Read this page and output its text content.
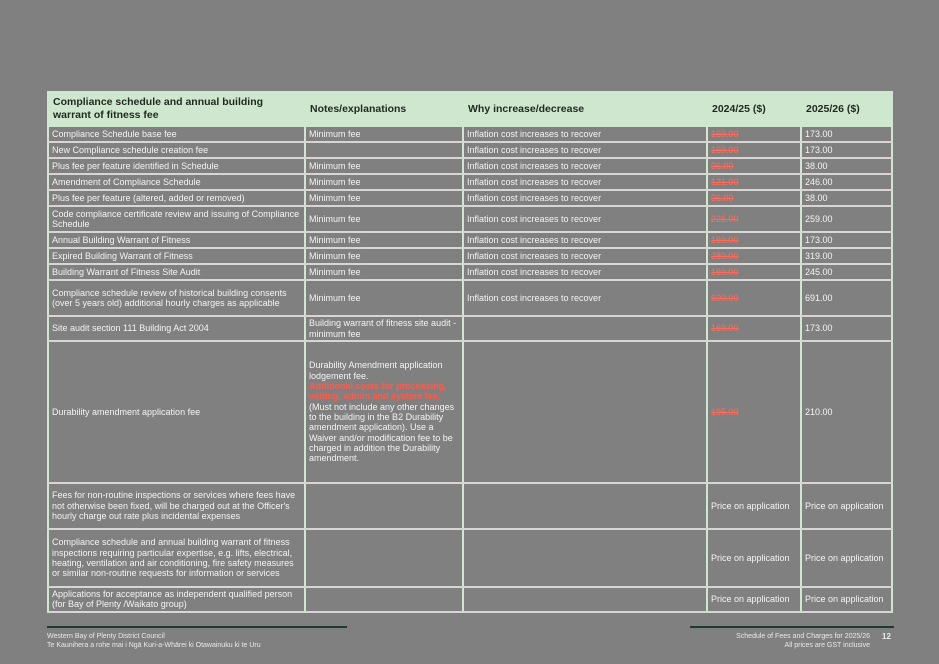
Compliance schedule and annual building warrant of fitness fee	Notes/explanations	Why increase/decrease	2024/25 ($)	2025/26 ($)
Compliance Schedule base fee	Minimum fee	Inflation cost increases to recover	169.00	173.00
New Compliance schedule creation fee		Inflation cost increases to recover	169.00	173.00
Plus fee per feature identified in Schedule	Minimum fee	Inflation cost increases to recover	36.00	38.00
Amendment of Compliance Schedule	Minimum fee	Inflation cost increases to recover	121.00	246.00
Plus fee per feature (altered, added or removed)	Minimum fee	Inflation cost increases to recover	36.00	38.00
Code compliance certificate review and issuing of Compliance Schedule	Minimum fee	Inflation cost increases to recover	226.00	259.00
Annual Building Warrant of Fitness	Minimum fee	Inflation cost increases to recover	169.00	173.00
Expired Building Warrant of Fitness	Minimum fee	Inflation cost increases to recover	280.00	319.00
Building Warrant of Fitness Site Audit	Minimum fee	Inflation cost increases to recover	169.00	245.00
Compliance schedule review of historical building consents (over 5 years old) additional hourly charges as applicable	Minimum fee	Inflation cost increases to recover	600.00	691.00
Site audit section 111 Building Act 2004	Building warrant of fitness site audit - minimum fee		169.00	173.00
Durability amendment application fee	Durability Amendment application lodgement fee.
Additional costs for processing, vetting, admin and system fee.
(Must not include any other changes to the building in the B2 Durability amendment application). Use a Waiver and/or modification fee to be charged in addition the Durability amendment.		195.00	210.00
Fees for non-routine inspections or services where fees have not otherwise been fixed, will be charged out at the Officer's hourly charge out rate plus incidental expenses			Price on application	Price on application
Compliance schedule and annual building warrant of fitness inspections requiring particular expertise, e.g. lifts, electrical, heating, ventilation and air conditioning, fire safety measures or similar non-routine requests for information or services			Price on application	Price on application
Applications for acceptance as independent qualified person (for Bay of Plenty /Waikato group)			Price on application	Price on application
Western Bay of Plenty District Council
Te Kaunihera a rohe mai i Ngā Kuri-a-Whārei ki Otawainuku ki te Uru
Schedule of Fees and Charges for 2025/26
All prices are GST inclusive
12
